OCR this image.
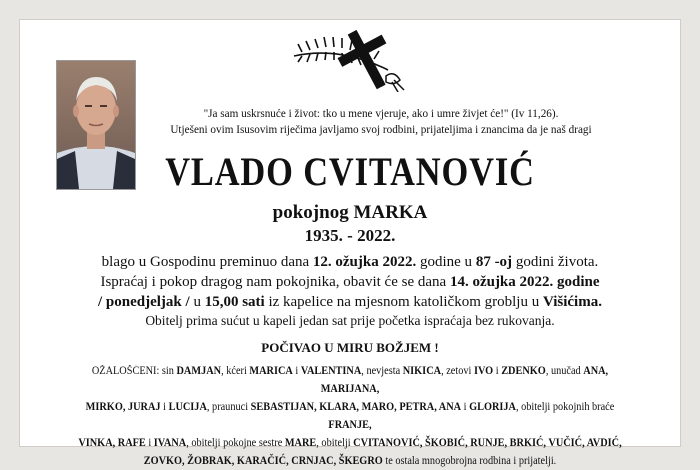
"Ja sam uskrsnuće i život: tko u mene vjeruje, ako i umre živjet će!" (Iv 11,26).
Utješeni ovim Isusovim riječima javljamo svoj rodbini, prijateljima i znancima da je naš dragi
VLADO CVITANOVIĆ
pokojnog MARKA
1935. - 2022.
blago u Gospodinu preminuo dana 12. ožujka 2022. godine u 87 -oj godini života.
Ispraćaj i pokop dragog nam pokojnika, obavit će se dana 14. ožujka 2022. godine
/ ponedjeljak / u 15,00 sati iz kapelice na mjesnom katoličkom groblju u Višićima.
Obitelj prima sućut u kapeli jedan sat prije početka ispraćaja bez rukovanja.
POČIVAO U MIRU BOŽJEM !
OŽALOŠĆENI: sin DAMJAN, kćeri MARICA i VALENTINA, nevjesta NIKICA, zetovi IVO i ZDENKO, unučad ANA, MARIJANA,
MIRKO, JURAJ i LUCIJA, praunuci SEBASTIJAN, KLARA, MARO, PETRA, ANA i GLORIJA, obitelji pokojnih braće FRANJE,
VINKA, RAFE i IVANA, obitelji pokojne sestre MARE, obitelji CVITANOVIĆ, ŠKOBIĆ, RUNJE, BRKIĆ, VUČIĆ, AVDIĆ,
ZOVKO, ŽOBRAK, KARAČIĆ, CRNJAC, ŠKEGRO te ostala mnogobrojna rodbina i prijatelji.
